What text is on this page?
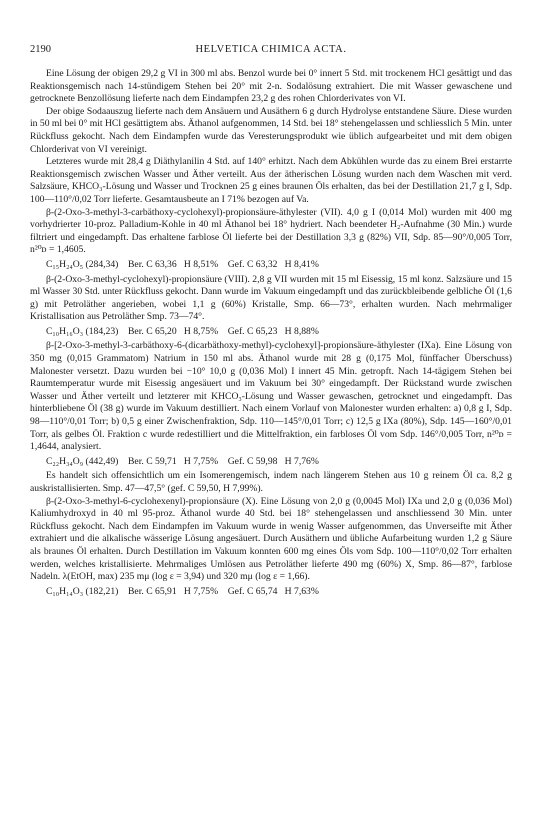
2190	HELVETICA CHIMICA ACTA.

Eine Lösung der obigen 29,2 g VI in 300 ml abs. Benzol wurde bei 0° innert 5 Std. mit trockenem HCl gesättigt und das Reaktionsgemisch nach 14-stündigem Stehen bei 20° mit 2-n. Sodalösung extrahiert. Die mit Wasser gewaschene und getrocknete Benzollösung lieferte nach dem Eindampfen 23,2 g des rohen Chlorderivates von VI.

Der obige Sodaauszug lieferte nach dem Ansäuern und Ausäthern 6 g durch Hydrolyse entstandene Säure. Diese wurden in 50 ml bei 0° mit HCl gesättigtem abs. Äthanol aufgenommen, 14 Std. bei 18° stehengelassen und schliesslich 5 Min. unter Rückfluss gekocht. Nach dem Eindampfen wurde das Veresterungsprodukt wie üblich aufgearbeitet und mit dem obigen Chlorderivat von VI vereinigt.

Letzteres wurde mit 28,4 g Diäthylanilin 4 Std. auf 140° erhitzt. Nach dem Abkühlen wurde das zu einem Brei erstarrte Reaktionsgemisch zwischen Wasser und Äther verteilt. Aus der ätherischen Lösung wurden nach dem Waschen mit verd. Salzsäure, KHCO₃-Lösung und Wasser und Trocknen 25 g eines braunen Öls erhalten, das bei der Destillation 21,7 g I, Sdp. 100—110°/0,02 Torr lieferte. Gesamtausbeute an I 71% bezogen auf Va.

β-(2-Oxo-3-methyl-3-carbäthoxy-cyclohexyl)-propionsäure-äthylester (VII). 4,0 g I (0,014 Mol) wurden mit 400 mg vorhydrierter 10-proz. Palladium-Kohle in 40 ml Äthanol bei 18° hydriert. Nach beendeter H₂-Aufnahme (30 Min.) wurde filtriert und eingedampft. Das erhaltene farblose Öl lieferte bei der Destillation 3,3 g (82%) VII, Sdp. 85—90°/0,005 Torr, n²⁰ᴅ = 1,4605.

C₁₅H₂₄O₅ (284,34)    Ber. C 63,36   H 8,51%    Gef. C 63,32   H 8,41%

β-(2-Oxo-3-methyl-cyclohexyl)-propionsäure (VIII). 2,8 g VII wurden mit 15 ml Eisessig, 15 ml konz. Salzsäure und 15 ml Wasser 30 Std. unter Rückfluss gekocht. Dann wurde im Vakuum eingedampft und das zurückbleibende gelbliche Öl (1,6 g) mit Petroläther angerieben, wobei 1,1 g (60%) Kristalle, Smp. 66—73°, erhalten wurden. Nach mehrmaliger Kristallisation aus Petroläther Smp. 73—74°.

C₁₀H₁₆O₃ (184,23)    Ber. C 65,20   H 8,75%    Gef. C 65,23   H 8,88%

β-[2-Oxo-3-methyl-3-carbäthoxy-6-(dicarbäthoxy-methyl)-cyclohexyl]-propionsäure-äthylester (IXa). Eine Lösung von 350 mg (0,015 Grammatom) Natrium in 150 ml abs. Äthanol wurde mit 28 g (0,175 Mol, fünffacher Überschuss) Malonester versetzt. Dazu wurden bei −10° 10,0 g (0,036 Mol) I innert 45 Min. getropft. Nach 14-tägigem Stehen bei Raumtemperatur wurde mit Eisessig angesäuert und im Vakuum bei 30° eingedampft. Der Rückstand wurde zwischen Wasser und Äther verteilt und letzterer mit KHCO₃-Lösung und Wasser gewaschen, getrocknet und eingedampft. Das hinterbliebene Öl (38 g) wurde im Vakuum destilliert. Nach einem Vorlauf von Malonester wurden erhalten: a) 0,8 g I, Sdp. 98—110°/0,01 Torr; b) 0,5 g einer Zwischenfraktion, Sdp. 110—145°/0,01 Torr; c) 12,5 g IXa (80%), Sdp. 145—160°/0,01 Torr, als gelbes Öl. Fraktion c wurde redestilliert und die Mittelfraktion, ein farbloses Öl vom Sdp. 146°/0,005 Torr, n²⁰ᴅ = 1,4644, analysiert.

C₂₂H₃₄O₉ (442,49)    Ber. C 59,71   H 7,75%    Gef. C 59,98   H 7,76%

Es handelt sich offensichtlich um ein Isomerengemisch, indem nach längerem Stehen aus 10 g reinem Öl ca. 8,2 g auskristallisierten. Smp. 47—47,5° (gef. C 59,50, H 7,99%).

β-(2-Oxo-3-methyl-6-cyclohexenyl)-propionsäure (X). Eine Lösung von 2,0 g (0,0045 Mol) IXa und 2,0 g (0,036 Mol) Kaliumhydroxyd in 40 ml 95-proz. Äthanol wurde 40 Std. bei 18° stehengelassen und anschliessend 30 Min. unter Rückfluss gekocht. Nach dem Eindampfen im Vakuum wurde in wenig Wasser aufgenommen, das Unverseifte mit Äther extrahiert und die alkalische wässerige Lösung angesäuert. Durch Ausäthern und übliche Aufarbeitung wurden 1,2 g Säure als braunes Öl erhalten. Durch Destillation im Vakuum konnten 600 mg eines Öls vom Sdp. 100—110°/0,02 Torr erhalten werden, welches kristallisierte. Mehrmaliges Umlösen aus Petroläther lieferte 490 mg (60%) X, Smp. 86—87°, farblose Nadeln. λ(EtOH, max) 235 mμ (log ε = 3,94) und 320 mμ (log ε = 1,66).

C₁₀H₁₄O₃ (182,21)    Ber. C 65,91   H 7,75%    Gef. C 65,74   H 7,63%
